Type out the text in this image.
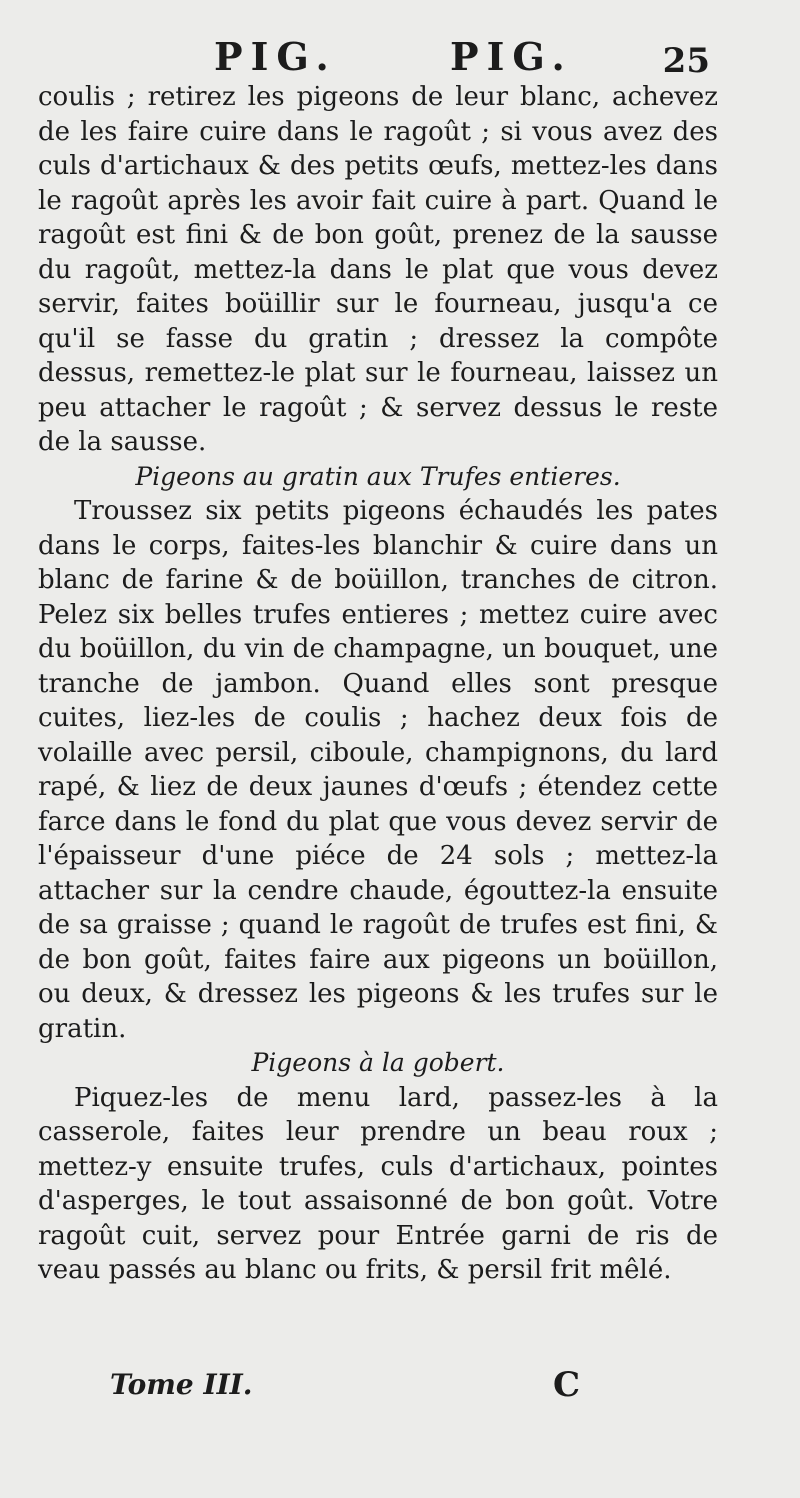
PIG.	PIG.	25

coulis ; retirez les pigeons de leur blanc, achevez de les faire cuire dans le ragoût ; si vous avez des culs d'artichaux & des petits œufs, mettez-les dans le ragoût après les avoir fait cuire à part. Quand le ragoût est fini & de bon goût, prenez de la sausse du ragoût, mettez-la dans le plat que vous devez servir, faites boüillir sur le fourneau, jusqu'a ce qu'il se fasse du gratin ; dressez la compôte dessus, remettez-le plat sur le fourneau, laissez un peu attacher le ragoût ; & servez dessus le reste de la sausse.

Pigeons au gratin aux Trufes entieres.

Troussez six petits pigeons échaudés les pates dans le corps, faites-les blanchir & cuire dans un blanc de farine & de boüillon, tranches de citron. Pelez six belles trufes entieres ; mettez cuire avec du boüillon, du vin de champagne, un bouquet, une tranche de jambon. Quand elles sont presque cuites, liez-les de coulis ; hachez deux fois de volaille avec persil, ciboule, champignons, du lard rapé, & liez de deux jaunes d'œufs ; étendez cette farce dans le fond du plat que vous devez servir de l'épaisseur d'une piéce de 24 sols ; mettez-la attacher sur la cendre chaude, égouttez-la ensuite de sa graisse ; quand le ragoût de trufes est fini, & de bon goût, faites faire aux pigeons un boüillon, ou deux, & dressez les pigeons & les trufes sur le gratin.

Pigeons à la gobert.

Piquez-les de menu lard, passez-les à la casserole, faites leur prendre un beau roux ; mettez-y ensuite trufes, culs d'artichaux, pointes d'asperges, le tout assaisonné de bon goût. Votre ragoût cuit, servez pour Entrée garni de ris de veau passés au blanc ou frits, & persil frit mêlé.

Tome III.	C
